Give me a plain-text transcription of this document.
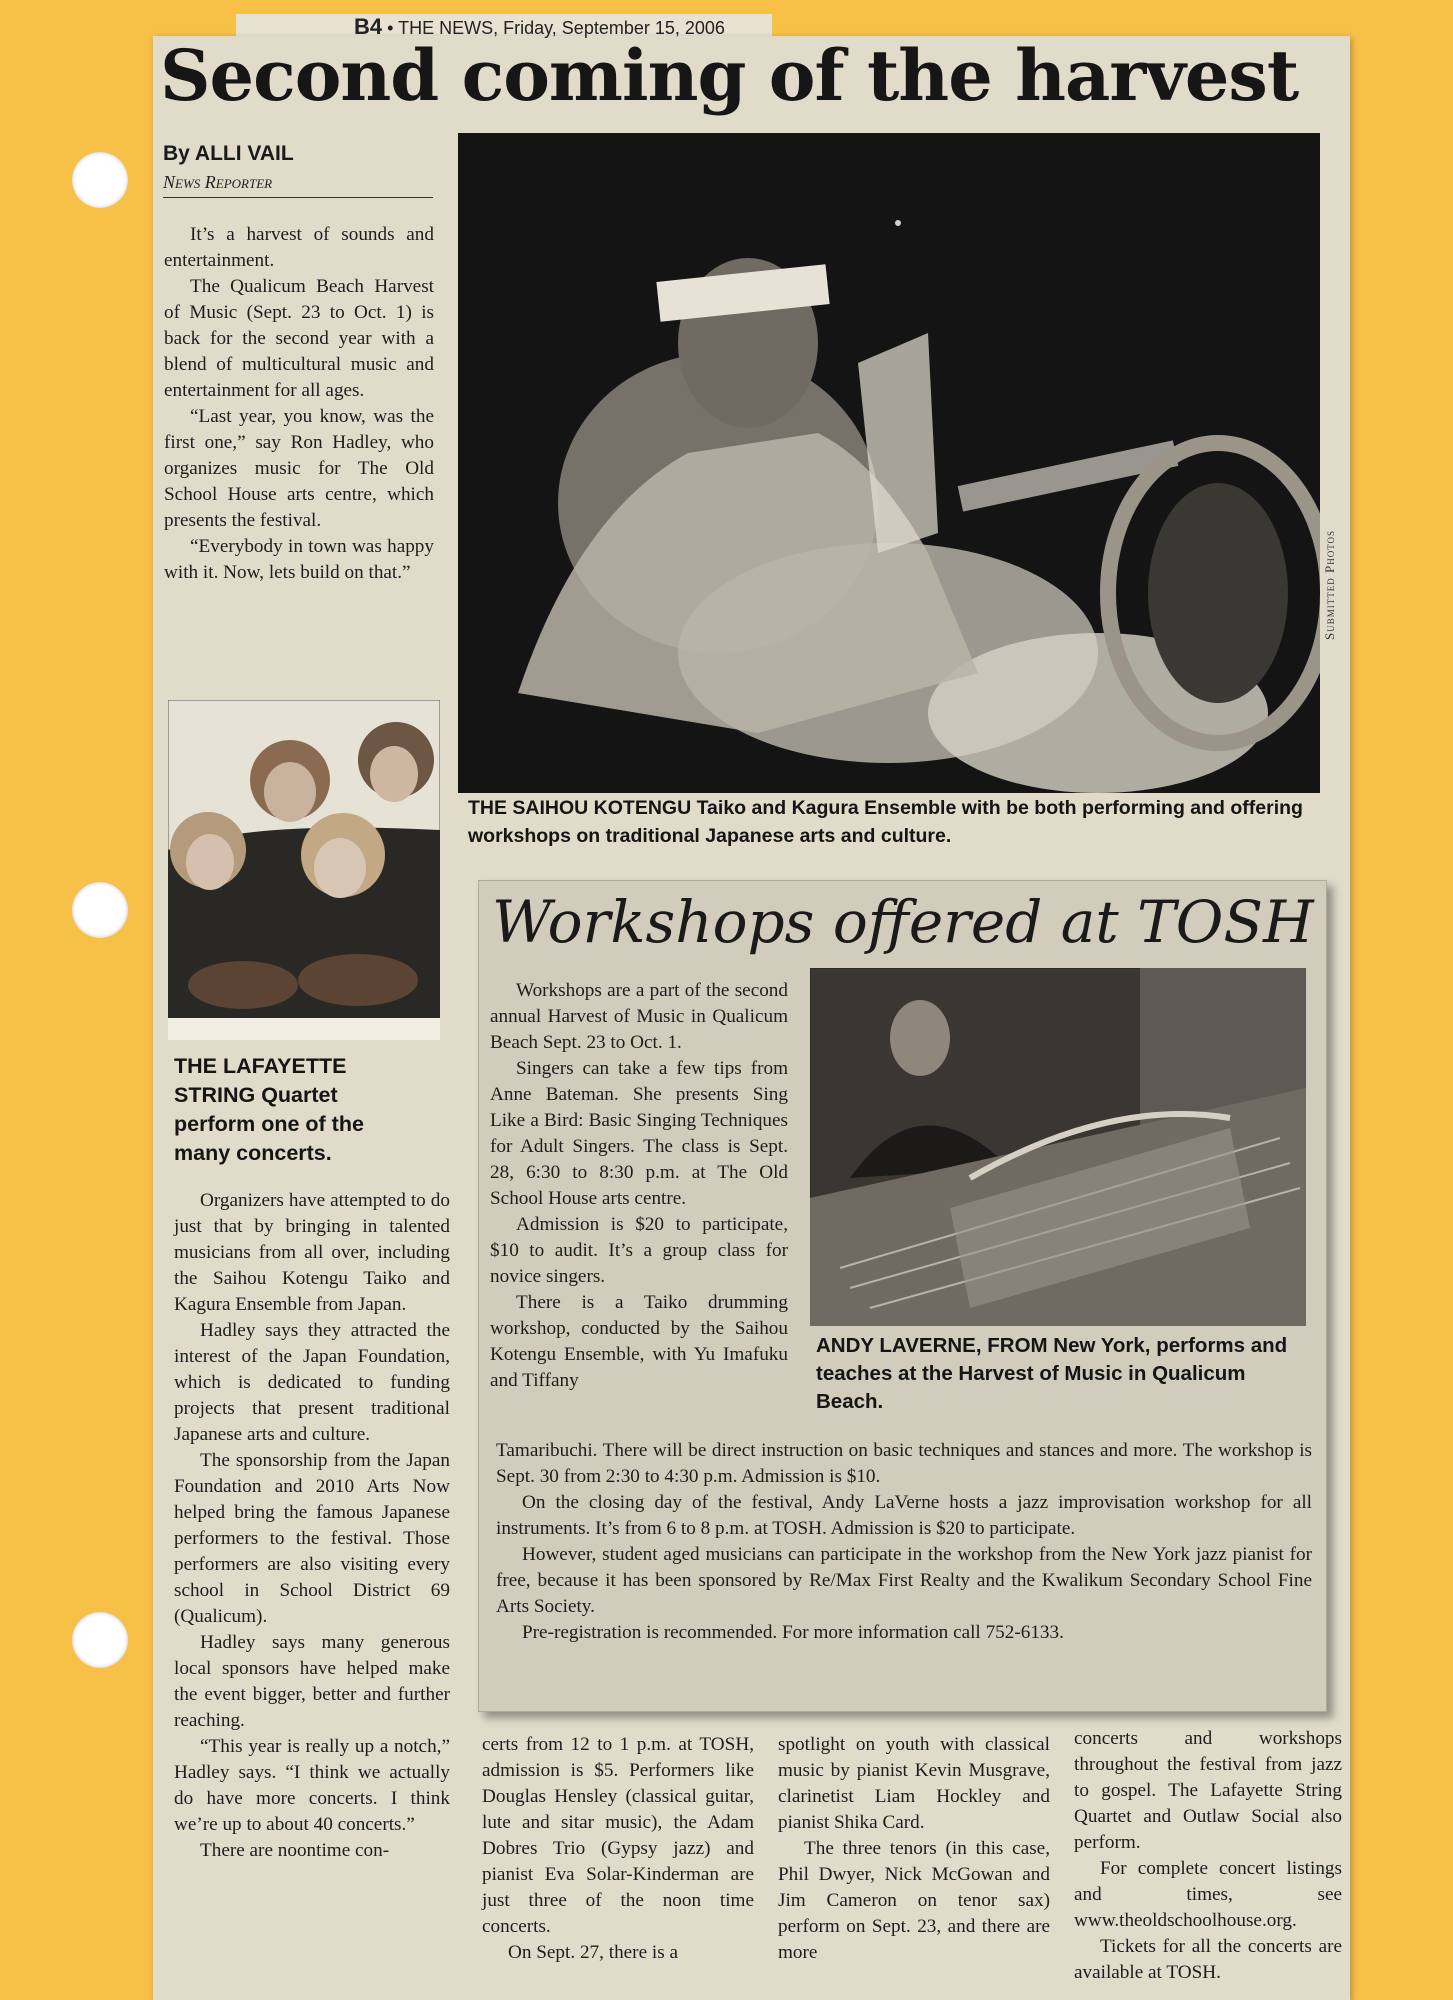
B4 • THE NEWS, Friday, September 15, 2006
Second coming of the harvest
By ALLI VAIL
News Reporter

It’s a harvest of sounds and entertainment.

The Qualicum Beach Harvest of Music (Sept. 23 to Oct. 1) is back for the second year with a blend of multicultural music and entertainment for all ages.

“Last year, you know, was the first one,” say Ron Hadley, who organizes music for The Old School House arts centre, which presents the festival.

“Everybody in town was happy with it. Now, lets build on that.”	Submitted Photos
THE SAIHOU KOTENGU Taiko and Kagura Ensemble with be both performing and offering workshops on traditional Japanese arts and culture.
THE LAFAYETTE STRING Quartet perform one of the many concerts.

Organizers have attempted to do just that by bringing in talented musicians from all over, including the Saihou Kotengu Taiko and Kagura Ensemble from Japan.

Hadley says they attracted the interest of the Japan Foundation, which is dedicated to funding projects that present traditional Japanese arts and culture.

The sponsorship from the Japan Foundation and 2010 Arts Now helped bring the famous Japanese performers to the festival. Those performers are also visiting every school in School District 69 (Qualicum).

Hadley says many generous local sponsors have helped make the event bigger, better and further reaching.

“This year is really up a notch,” Hadley says. “I think we actually do have more concerts. I think we’re up to about 40 concerts.”

There are noontime con-

Workshops offered at TOSH

Workshops are a part of the second annual Harvest of Music in Qualicum Beach Sept. 23 to Oct. 1.

Singers can take a few tips from Anne Bateman. She presents Sing Like a Bird: Basic Singing Techniques for Adult Singers. The class is Sept. 28, 6:30 to 8:30 p.m. at The Old School House arts centre.

Admission is $20 to participate, $10 to audit. It’s a group class for novice singers.

There is a Taiko drumming workshop, conducted by the Saihou Kotengu Ensemble, with Yu Imafuku and Tiffany

ANDY LAVERNE, FROM New York, performs and teaches at the Harvest of Music in Qualicum Beach.

Tamaribuchi. There will be direct instruction on basic techniques and stances and more. The workshop is Sept. 30 from 2:30 to 4:30 p.m. Admission is $10.

On the closing day of the festival, Andy LaVerne hosts a jazz improvisation workshop for all instruments. It’s from 6 to 8 p.m. at TOSH. Admission is $20 to participate.

However, student aged musicians can participate in the workshop from the New York jazz pianist for free, because it has been sponsored by Re/Max First Realty and the Kwalikum Secondary School Fine Arts Society.

Pre-registration is recommended. For more information call 752-6133.

certs from 12 to 1 p.m. at TOSH, admission is $5. Performers like Douglas Hensley (classical guitar, lute and sitar music), the Adam Dobres Trio (Gypsy jazz) and pianist Eva Solar-Kinderman are just three of the noon time concerts.

On Sept. 27, there is a

spotlight on youth with classical music by pianist Kevin Musgrave, clarinetist Liam Hockley and pianist Shika Card.

The three tenors (in this case, Phil Dwyer, Nick McGowan and Jim Cameron on tenor sax) perform on Sept. 23, and there are more

concerts and workshops throughout the festival from jazz to gospel. The Lafayette String Quartet and Outlaw Social also perform.

For complete concert listings and times, see www.theoldschoolhouse.org.

Tickets for all the concerts are available at TOSH.
